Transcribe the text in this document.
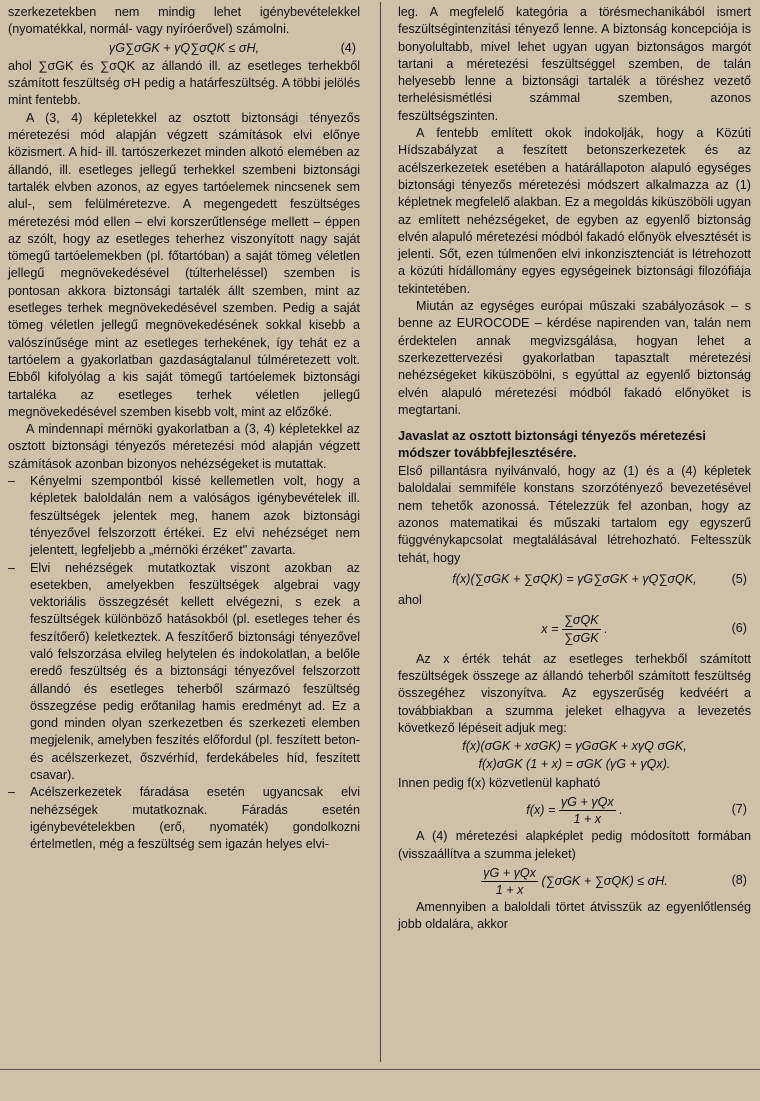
szerkezetekben nem mindig lehet igénybevételekkel (nyomatékkal, normál- vagy nyíróerővel) számolni.

γG∑σGK + γQ∑σQK ≤ σH,	(4)

ahol ∑σGK és ∑σQK az állandó ill. az esetleges terhekből számított feszültség σH pedig a határfeszültség. A többi jelölés mint fentebb.

A (3, 4) képletekkel az osztott biztonsági tényezős méretezési mód alapján végzett számítások elvi előnye közismert. A híd- ill. tartószerkezet minden alkotó elemében az állandó, ill. esetleges jellegű terhekkel szembeni biztonsági tartalék elvben azonos, az egyes tartóelemek nincsenek sem alul-, sem felülméretezve. A megengedett feszültséges méretezési mód ellen – elvi korszerűtlensége mellett – éppen az szólt, hogy az esetleges teherhez viszonyított nagy saját tömegű tartóelemekben (pl. főtartóban) a saját tömeg véletlen jellegű megnövekedésével (túlterheléssel) szemben is pontosan akkora biztonsági tartalék állt szemben, mint az esetleges terhek megnövekedésével szemben. Pedig a saját tömeg véletlen jellegű megnövekedésének sokkal kisebb a valószínűsége mint az esetleges terhekének, így tehát ez a tartóelem a gyakorlatban gazdaságtalanul túlméretezett volt. Ebből kifolyólag a kis saját tömegű tartóelemek biztonsági tartaléka az esetleges terhek véletlen jellegű megnövekedésével szemben kisebb volt, mint az előzőké.

A mindennapi mérnöki gyakorlatban a (3, 4) képletekkel az osztott biztonsági tényezős méretezési mód alapján végzett számítások azonban bizonyos nehézségeket is mutattak.

– Kényelmi szempontból kissé kellemetlen volt, hogy a képletek baloldalán nem a valóságos igénybevételek ill. feszültségek jelentek meg, hanem azok biztonsági tényezővel felszorzott értékei. Ez elvi nehézséget nem jelentett, legfeljebb a „mérnöki érzéket" zavarta.
– Elvi nehézségek mutatkoztak viszont azokban az esetekben, amelyekben feszültségek algebrai vagy vektoriális összegzését kellett elvégezni, s ezek a feszültségek különböző hatásokból (pl. esetleges teher és feszítőerő) keletkeztek. A feszítőerő biztonsági tényezővel való felszorzása elvileg helytelen és indokolatlan, a belőle eredő feszültség és a biztonsági tényezővel felszorzott állandó és esetleges teherből származó feszültség összegzése pedig erőtanilag hamis eredményt ad. Ez a gond minden olyan szerkezetben és szerkezeti elemben megjelenik, amelyben feszítés előfordul (pl. feszített beton- és acélszerkezet, őszvérhíd, ferdekábeles híd, feszített csavar).
– Acélszerkezetek fáradása esetén ugyancsak elvi nehézségek mutatkoznak. Fáradás esetén igénybevételekben (erő, nyomaték) gondolkozni értelmetlen, még a feszültség sem igazán helyes elvi-

leg. A megfelelő kategória a törésmechanikából ismert feszültségintenzitási tényező lenne. A biztonság koncepciója is bonyolultabb, mivel lehet ugyan ugyan biztonságos margót tartani a méretezési feszültséggel szemben, de talán helyesebb lenne a biztonsági tartalék a töréshez vezető terhelésismétlési számmal szemben, azonos feszültségszinten.

A fentebb említett okok indokolják, hogy a Közúti Hídszabályzat a feszített betonszerkezetek és az acélszerkezetek esetében a határállapoton alapuló egységes biztonsági tényezős méretezési módszert alkalmazza az (1) képletnek megfelelő alakban. Ez a megoldás kiküszöböli ugyan az említett nehézségeket, de egyben az egyenlő biztonság elvén alapuló méretezési módból fakadó előnyök elvesztését is jelenti. Sőt, ezen túlmenően elvi inkonzisztenciát is létrehozott a közúti hídállomány egyes egységeinek biztonsági filozófiája tekintetében.

Miután az egységes európai műszaki szabályozások – s benne az EUROCODE – kérdése napirenden van, talán nem érdektelen annak megvizsgálása, hogyan lehet a szerkezettervezési gyakorlatban tapasztalt méretezési nehézségeket kiküszöbölni, s egyúttal az egyenlő biztonság elvén alapuló méretezési módból fakadó előnyöket is megtartani.

Javaslat az osztott biztonsági tényezős méretezési módszer továbbfejlesztésére.

Első pillantásra nyilvánvaló, hogy az (1) és a (4) képletek baloldalai semmiféle konstans szorzótényező bevezetésével nem tehetők azonossá. Tételezzük fel azonban, hogy az azonos matematikai és műszaki tartalom egy egyszerű függvénykapcsolat megtalálásával létrehozható. Feltesszük tehát, hogy

f(x)(∑σGK + ∑σQK) = γG∑σGK + γQ∑σQK,	(5)

ahol

$x = \frac{\text{∑σQK}}{\text{∑σGK}}$ .	(6)

Az x érték tehát az esetleges terhekből számított feszültségek összege az állandó teherből számított feszültség összegéhez viszonyítva. Az egyszerűség kedvéért a továbbiakban a szumma jeleket elhagyva a levezetés következő lépéseit adjuk meg:

f(x)(σGK + xσGK) = γGσGK + xγQ σGK,
f(x)σGK (1 + x) = σGK (γG + γQx).

Innen pedig f(x) közvetlenül kapható

$f(x) = \frac{\text{γG + γQx}}{1 + x}$ .	(7)

A (4) méretezési alapképlet pedig módosított formában (visszaállítva a szumma jeleket)

$\frac{\text{γG + γQx}}{1 + x} (\sum\sigma GK + \sum\sigma QK) \le \sigma H$.	(8)

Amennyiben a baloldali törtet átvisszük az egyenlőtlenség jobb oldalára, akkor
